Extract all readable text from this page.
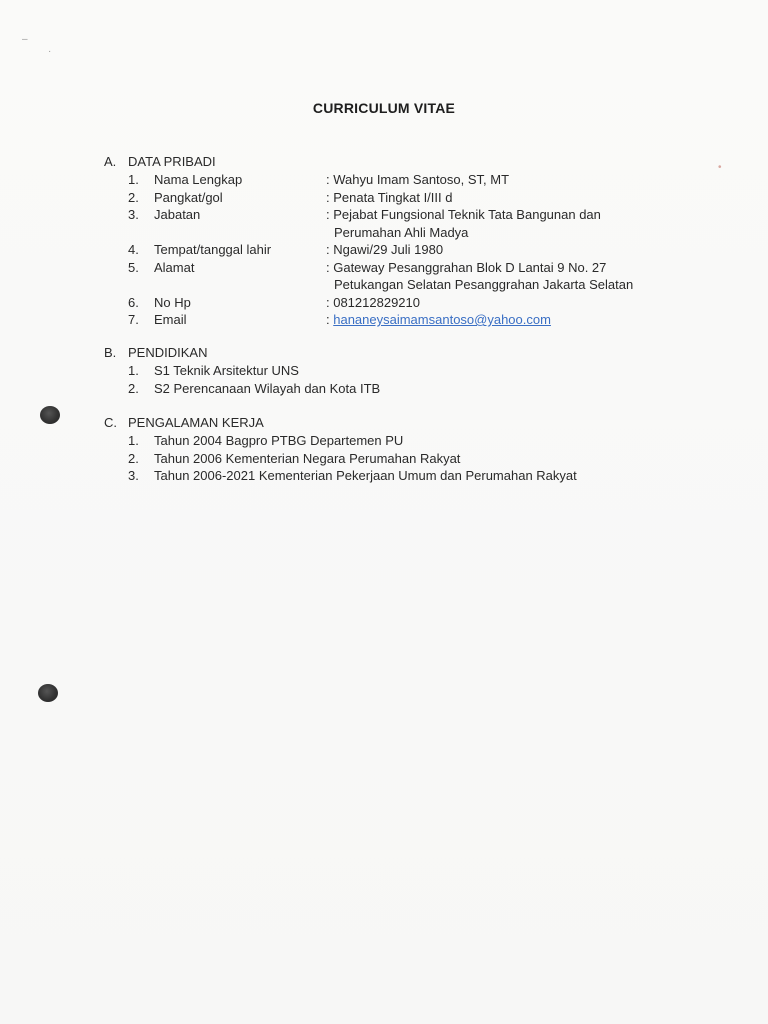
‒
·
•
CURRICULUM VITAE
A. DATA PRIBADI
1. Nama Lengkap	: Wahyu Imam Santoso, ST, MT
2. Pangkat/gol	: Penata Tingkat I/III d
3. Jabatan	: Pejabat Fungsional Teknik Tata Bangunan dan
Perumahan Ahli Madya
4. Tempat/tanggal lahir	: Ngawi/29 Juli 1980
5. Alamat	: Gateway Pesanggrahan Blok D Lantai 9 No. 27
Petukangan Selatan Pesanggrahan Jakarta Selatan
6. No Hp	: 081212829210
7. Email	: hananeysaimamsantoso@yahoo.com
B. PENDIDIKAN
1. S1 Teknik Arsitektur UNS
2. S2 Perencanaan Wilayah dan Kota ITB
C. PENGALAMAN KERJA
1. Tahun 2004 Bagpro PTBG Departemen PU
2. Tahun 2006 Kementerian Negara Perumahan Rakyat
3. Tahun 2006-2021 Kementerian Pekerjaan Umum dan Perumahan Rakyat
